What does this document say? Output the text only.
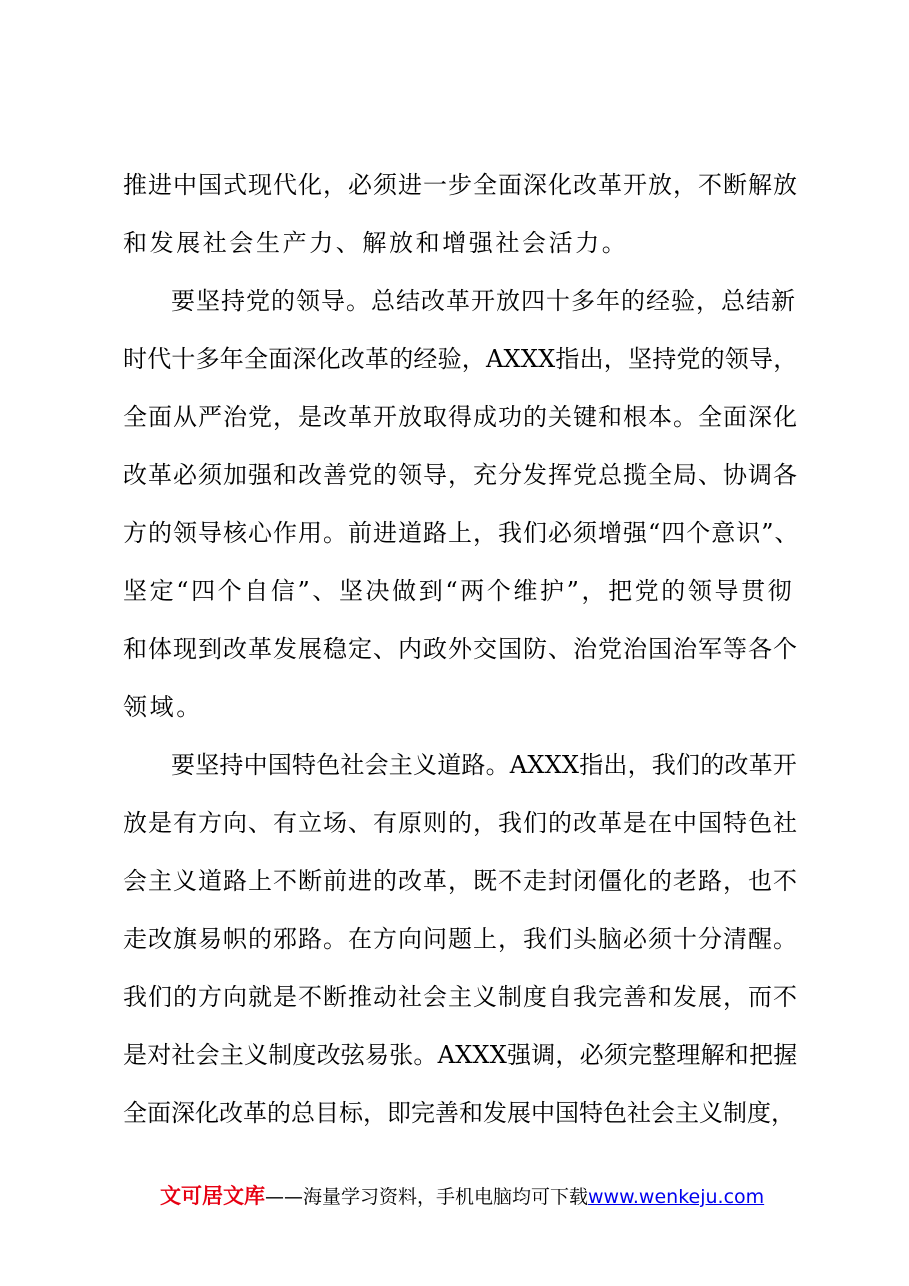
推进中国式现代化，必须进一步全面深化改革开放，不断解放
和发展社会生产力、解放和增强社会活力。
要坚持党的领导。总结改革开放四十多年的经验，总结新
时代十多年全面深化改革的经验，AXXX指出，坚持党的领导，
全面从严治党，是改革开放取得成功的关键和根本。全面深化
改革必须加强和改善党的领导，充分发挥党总揽全局、协调各
方的领导核心作用。前进道路上，我们必须增强“四个意识”、
坚定“四个自信”、坚决做到“两个维护”，把党的领导贯彻
和体现到改革发展稳定、内政外交国防、治党治国治军等各个
领域。
要坚持中国特色社会主义道路。AXXX指出，我们的改革开
放是有方向、有立场、有原则的，我们的改革是在中国特色社
会主义道路上不断前进的改革，既不走封闭僵化的老路，也不
走改旗易帜的邪路。在方向问题上，我们头脑必须十分清醒。
我们的方向就是不断推动社会主义制度自我完善和发展，而不
是对社会主义制度改弦易张。AXXX强调，必须完整理解和把握
全面深化改革的总目标，即完善和发展中国特色社会主义制度，
文可居文库——海量学习资料，手机电脑均可下载www.wenkeju.com
